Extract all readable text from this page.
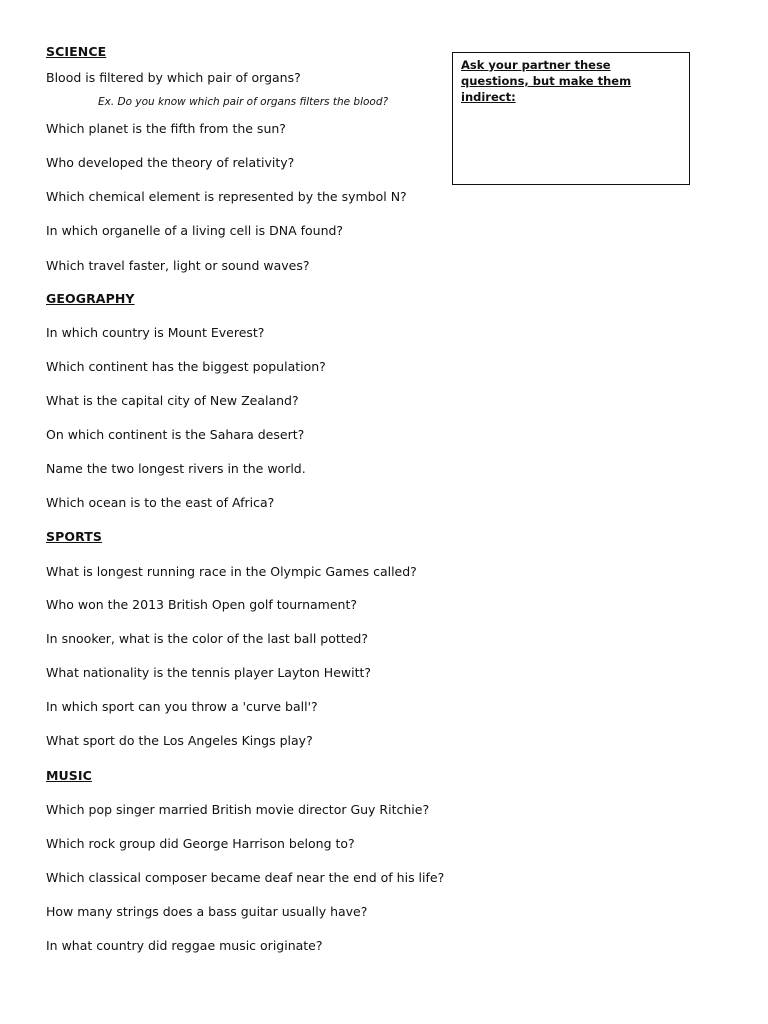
SCIENCE
Blood is filtered by which pair of organs?
Ex. Do you know which pair of organs filters the blood?
Which planet is the fifth from the sun?
Who developed the theory of relativity?
Which chemical element is represented by the symbol N?
In which organelle of a living cell is DNA found?
Which travel faster, light or sound waves?
GEOGRAPHY
In which country is Mount Everest?
Which continent has the biggest population?
What is the capital city of New Zealand?
On which continent is the Sahara desert?
Name the two longest rivers in the world.
Which ocean is to the east of Africa?
SPORTS
What is longest running race in the Olympic Games called?
Who won the 2013 British Open golf tournament?
In snooker, what is the color of the last ball potted?
What nationality is the tennis player Layton Hewitt?
In which sport can you throw a 'curve ball'?
What sport do the Los Angeles Kings play?
MUSIC
Which pop singer married British movie director Guy Ritchie?
Which rock group did George Harrison belong to?
Which classical composer became deaf near the end of his life?
How many strings does a bass guitar usually have?
In what country did reggae music originate?
Ask your partner these questions, but make them indirect:
